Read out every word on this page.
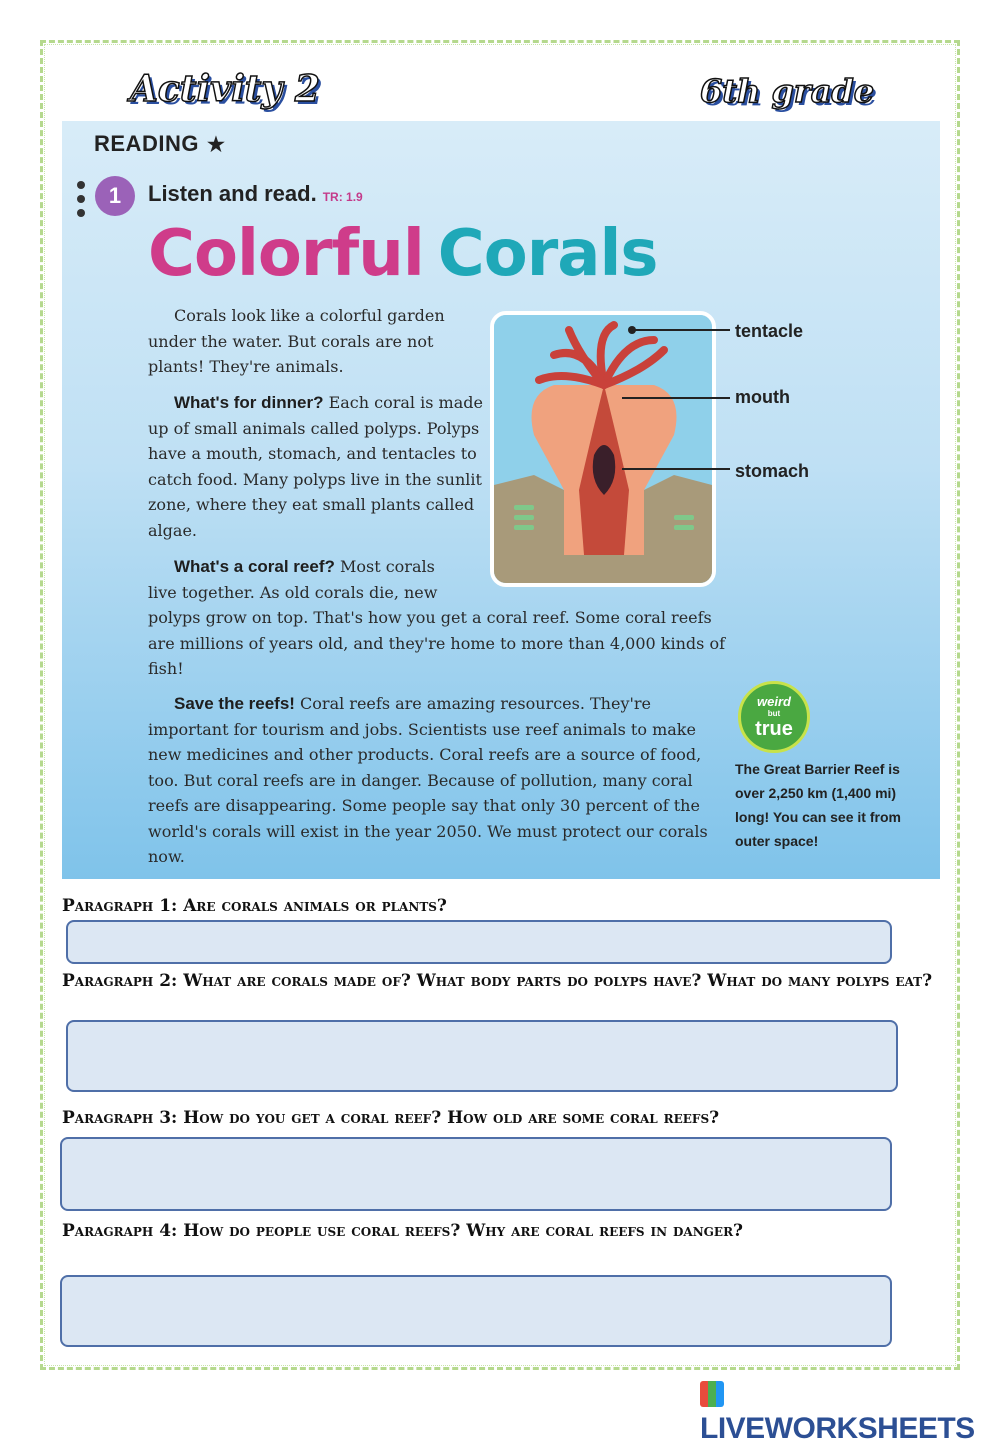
Activity 2	6th grade
READING ★
1	Listen and read. TR: 1.9
Colorful Corals
Corals look like a colorful garden under the water. But corals are not plants! They're animals.
What's for dinner? Each coral is made up of small animals called polyps. Polyps have a mouth, stomach, and tentacles to catch food. Many polyps live in the sunlit zone, where they eat small plants called algae.
What's a coral reef? Most corals live together. As old corals die, new
polyps grow on top. That's how you get a coral reef. Some coral reefs are millions of years old, and they're home to more than 4,000 kinds of fish!
Save the reefs! Coral reefs are amazing resources. They're important for tourism and jobs. Scientists use reef animals to make new medicines and other products. Coral reefs are a source of food, too. But coral reefs are in danger. Because of pollution, many coral reefs are disappearing. Some people say that only 30 percent of the world's corals will exist in the year 2050. We must protect our corals now.
tentacle
mouth
stomach
weird
but
true
The Great Barrier Reef is over 2,250 km (1,400 mi) long! You can see it from outer space!
Paragraph 1: Are corals animals or plants?
Paragraph 2: What are corals made of? What body parts do polyps have? What do many polyps eat?
Paragraph 3: How do you get a coral reef? How old are some coral reefs?
Paragraph 4: How do people use coral reefs? Why are coral reefs in danger?
LIVEWORKSHEETS
